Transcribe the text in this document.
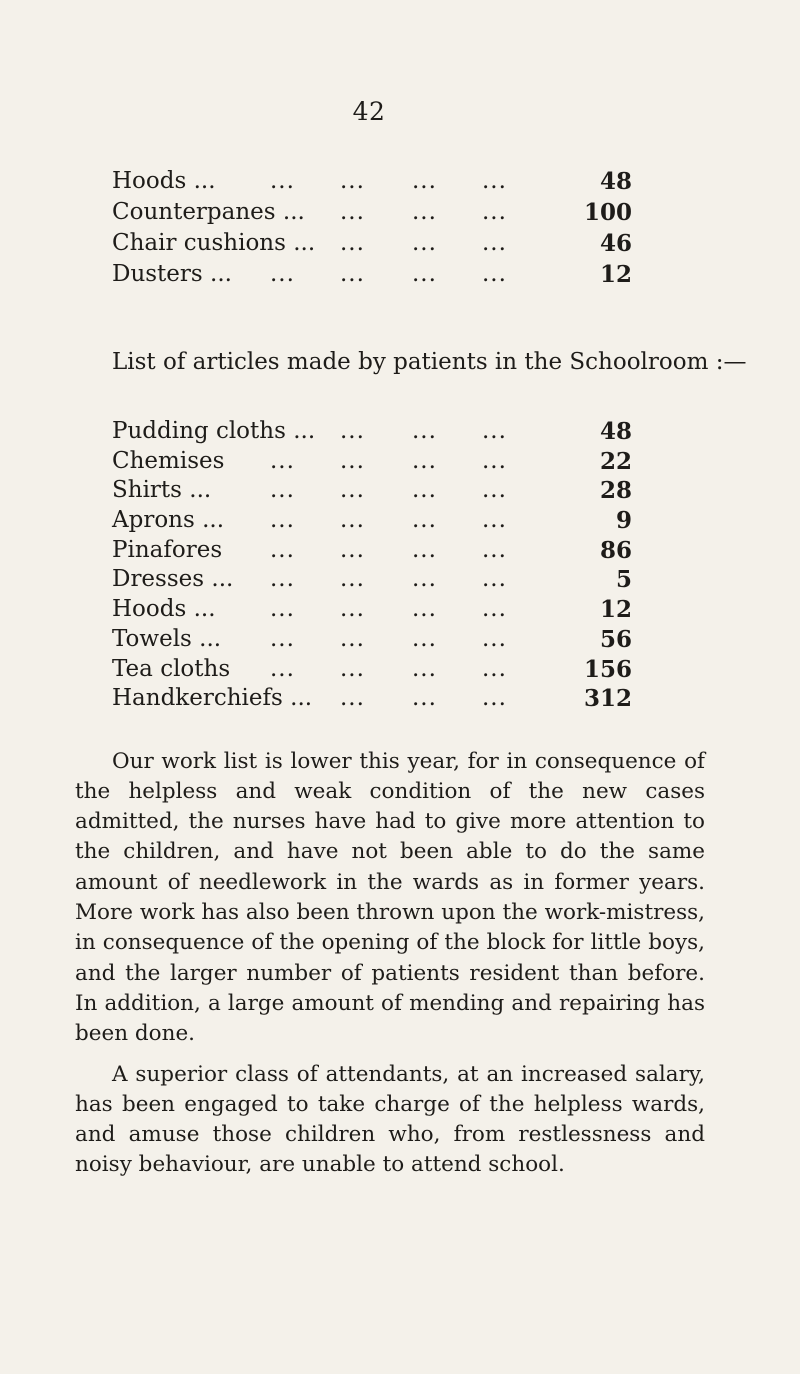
42
Hoods ... ... ... ... ...	48
Counterpanes ... ... ... ...	100
Chair cushions ... ... ... ...	46
Dusters ... ... ... ... ...	12
List of articles made by patients in the Schoolroom :—
Pudding cloths ... ... ... ...	48
Chemises ... ... ... ...	22
Shirts ...	... ... ... ...	28
Aprons ... ... ... ... ...	9
Pinafores ... ... ... ...	86
Dresses ... ... ... ... ...	5
Hoods ... ... ... ... ...	12
Towels ... ... ... ... ...	56
Tea cloths ... ... ... ...	156
Handkerchiefs ... ... ... ...	312

Our work list is lower this year, for in consequence of the helpless and weak condition of the new cases admitted, the nurses have had to give more attention to the children, and have not been able to do the same amount of needlework in the wards as in former years. More work has also been thrown upon the work-mistress, in consequence of the opening of the block for little boys, and the larger number of patients resident than before. In addition, a large amount of mending and repairing has been done.

A superior class of attendants, at an increased salary, has been engaged to take charge of the helpless wards, and amuse those children who, from restlessness and noisy behaviour, are unable to attend school.
